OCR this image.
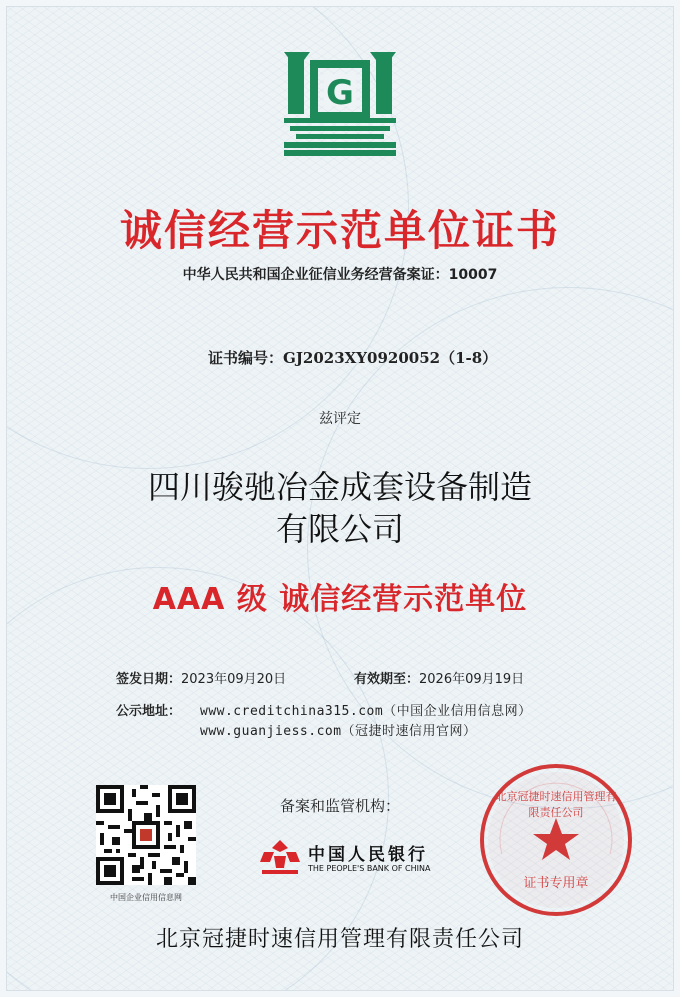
G
诚信经营示范单位证书
中华人民共和国企业征信业务经营备案证：10007
证书编号：GJ2023XY0920052（1-8）
兹评定
四川骏驰冶金成套设备制造
有限公司
AAA 级 诚信经营示范单位
签发日期：2023年09月20日	有效期至：2026年09月19日
公示地址： www.creditchina315.com（中国企业信用信息网）
www.guanjiess.com（冠捷时速信用官网）
中国企业信用信息网
备案和监管机构：
中国人民银行
THE PEOPLE'S BANK OF CHINA
北京冠捷时速信用管理有限责任公司
证书专用章
北京冠捷时速信用管理有限责任公司
